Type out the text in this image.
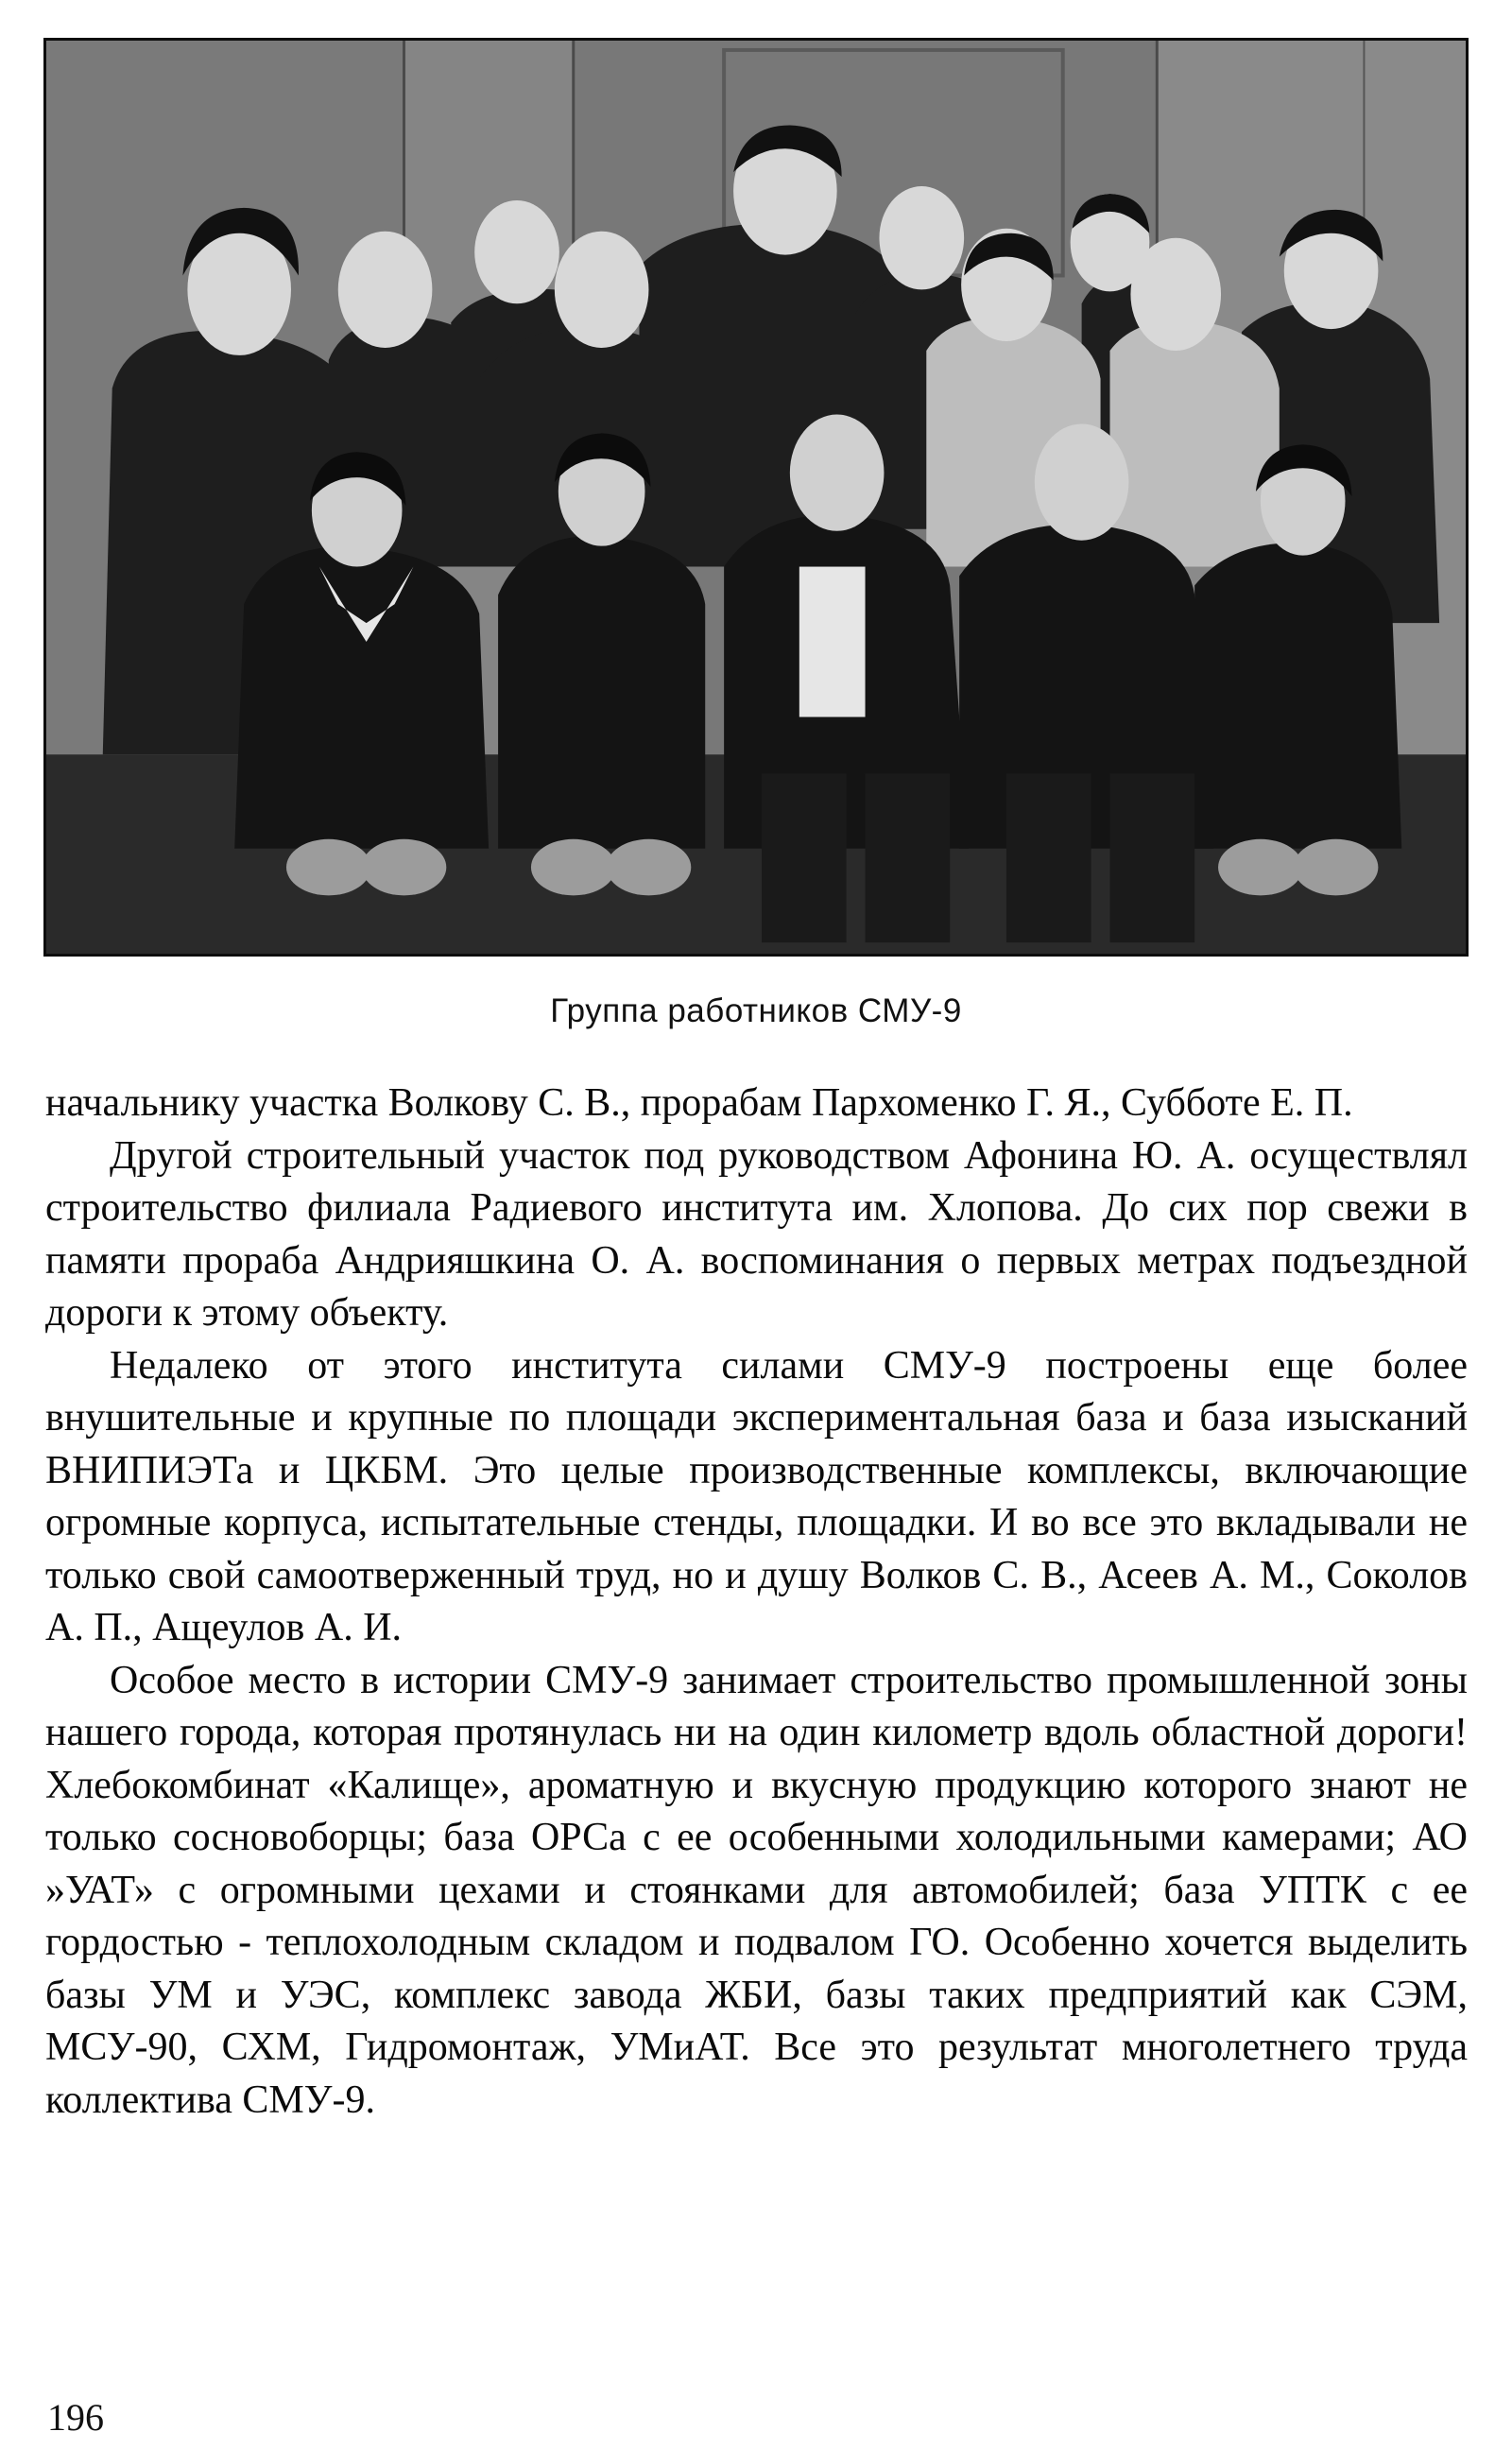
Группа работников СМУ-9

начальнику участка Волкову С. В., прорабам Пархоменко Г. Я., Субботе Е. П.

Другой строительный участок под руководством Афонина Ю. А. осуществлял строительство филиала Радиевого института им. Хлопова. До сих пор свежи в памяти прораба Андрияшкина О. А. воспоминания о первых метрах подъездной дороги к этому объекту.

Недалеко от этого института силами СМУ-9 построены еще более внушительные и крупные по площади экспериментальная база и база изысканий ВНИПИЭТа и ЦКБМ. Это целые производственные комплексы, включающие огромные корпуса, испытательные стенды, площадки. И во все это вкладывали не только свой самоотверженный труд, но и душу Волков С. В., Асеев А. М., Соколов А. П., Ащеулов А. И.

Особое место в истории СМУ-9 занимает строительство промышленной зоны нашего города, которая протянулась ни на один километр вдоль областной дороги! Хлебокомбинат «Калище», ароматную и вкусную продукцию которого знают не только сосновоборцы; база ОРСа с ее особенными холодильными камерами; АО »УАТ» с огромными цехами и стоянками для автомобилей; база УПТК с ее гордостью - теплохолодным складом и подвалом ГО. Особенно хочется выделить базы УМ и УЭС, комплекс завода ЖБИ, базы таких предприятий как СЭМ, МСУ-90, СХМ, Гидромонтаж, УМиАТ. Все это результат многолетнего труда коллектива СМУ-9.

196
